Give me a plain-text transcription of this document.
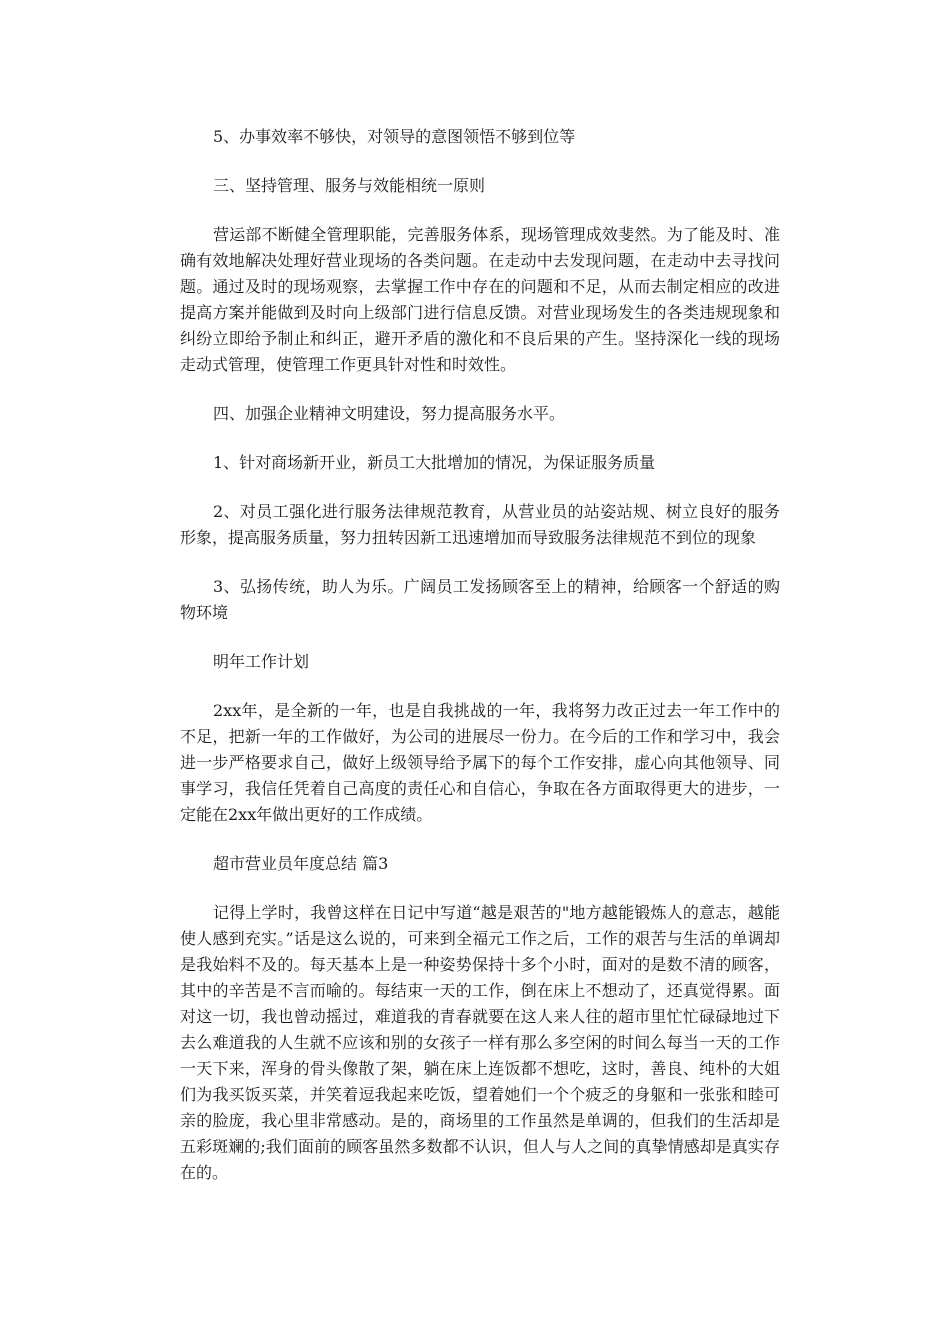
5、办事效率不够快，对领导的意图领悟不够到位等

三、坚持管理、服务与效能相统一原则

营运部不断健全管理职能，完善服务体系，现场管理成效斐然。为了能及时、准确有效地解决处理好营业现场的各类问题。在走动中去发现问题，在走动中去寻找问题。通过及时的现场观察，去掌握工作中存在的问题和不足，从而去制定相应的改进提高方案并能做到及时向上级部门进行信息反馈。对营业现场发生的各类违规现象和纠纷立即给予制止和纠正，避开矛盾的激化和不良后果的产生。坚持深化一线的现场走动式管理，使管理工作更具针对性和时效性。

四、加强企业精神文明建设，努力提高服务水平。

1、针对商场新开业，新员工大批增加的情况，为保证服务质量

2、对员工强化进行服务法律规范教育，从营业员的站姿站规、树立良好的服务形象，提高服务质量，努力扭转因新工迅速增加而导致服务法律规范不到位的现象

3、弘扬传统，助人为乐。广阔员工发扬顾客至上的精神，给顾客一个舒适的购物环境

明年工作计划

2xx年，是全新的一年，也是自我挑战的一年，我将努力改正过去一年工作中的不足，把新一年的工作做好，为公司的进展尽一份力。在今后的工作和学习中，我会进一步严格要求自己，做好上级领导给予属下的每个工作安排，虚心向其他领导、同事学习，我信任凭着自己高度的责任心和自信心，争取在各方面取得更大的进步，一定能在2xx年做出更好的工作成绩。

超市营业员年度总结 篇3

记得上学时，我曾这样在日记中写道“越是艰苦的"地方越能锻炼人的意志，越能使人感到充实。”话是这么说的，可来到全福元工作之后，工作的艰苦与生活的单调却是我始料不及的。每天基本上是一种姿势保持十多个小时，面对的是数不清的顾客，其中的辛苦是不言而喻的。每结束一天的工作，倒在床上不想动了，还真觉得累。面对这一切，我也曾动摇过，难道我的青春就要在这人来人往的超市里忙忙碌碌地过下去么难道我的人生就不应该和别的女孩子一样有那么多空闲的时间么每当一天的工作一天下来，浑身的骨头像散了架，躺在床上连饭都不想吃，这时，善良、纯朴的大姐们为我买饭买菜，并笑着逗我起来吃饭，望着她们一个个疲乏的身躯和一张张和睦可亲的脸庞，我心里非常感动。是的，商场里的工作虽然是单调的，但我们的生活却是五彩斑斓的;我们面前的顾客虽然多数都不认识，但人与人之间的真挚情感却是真实存在的。
